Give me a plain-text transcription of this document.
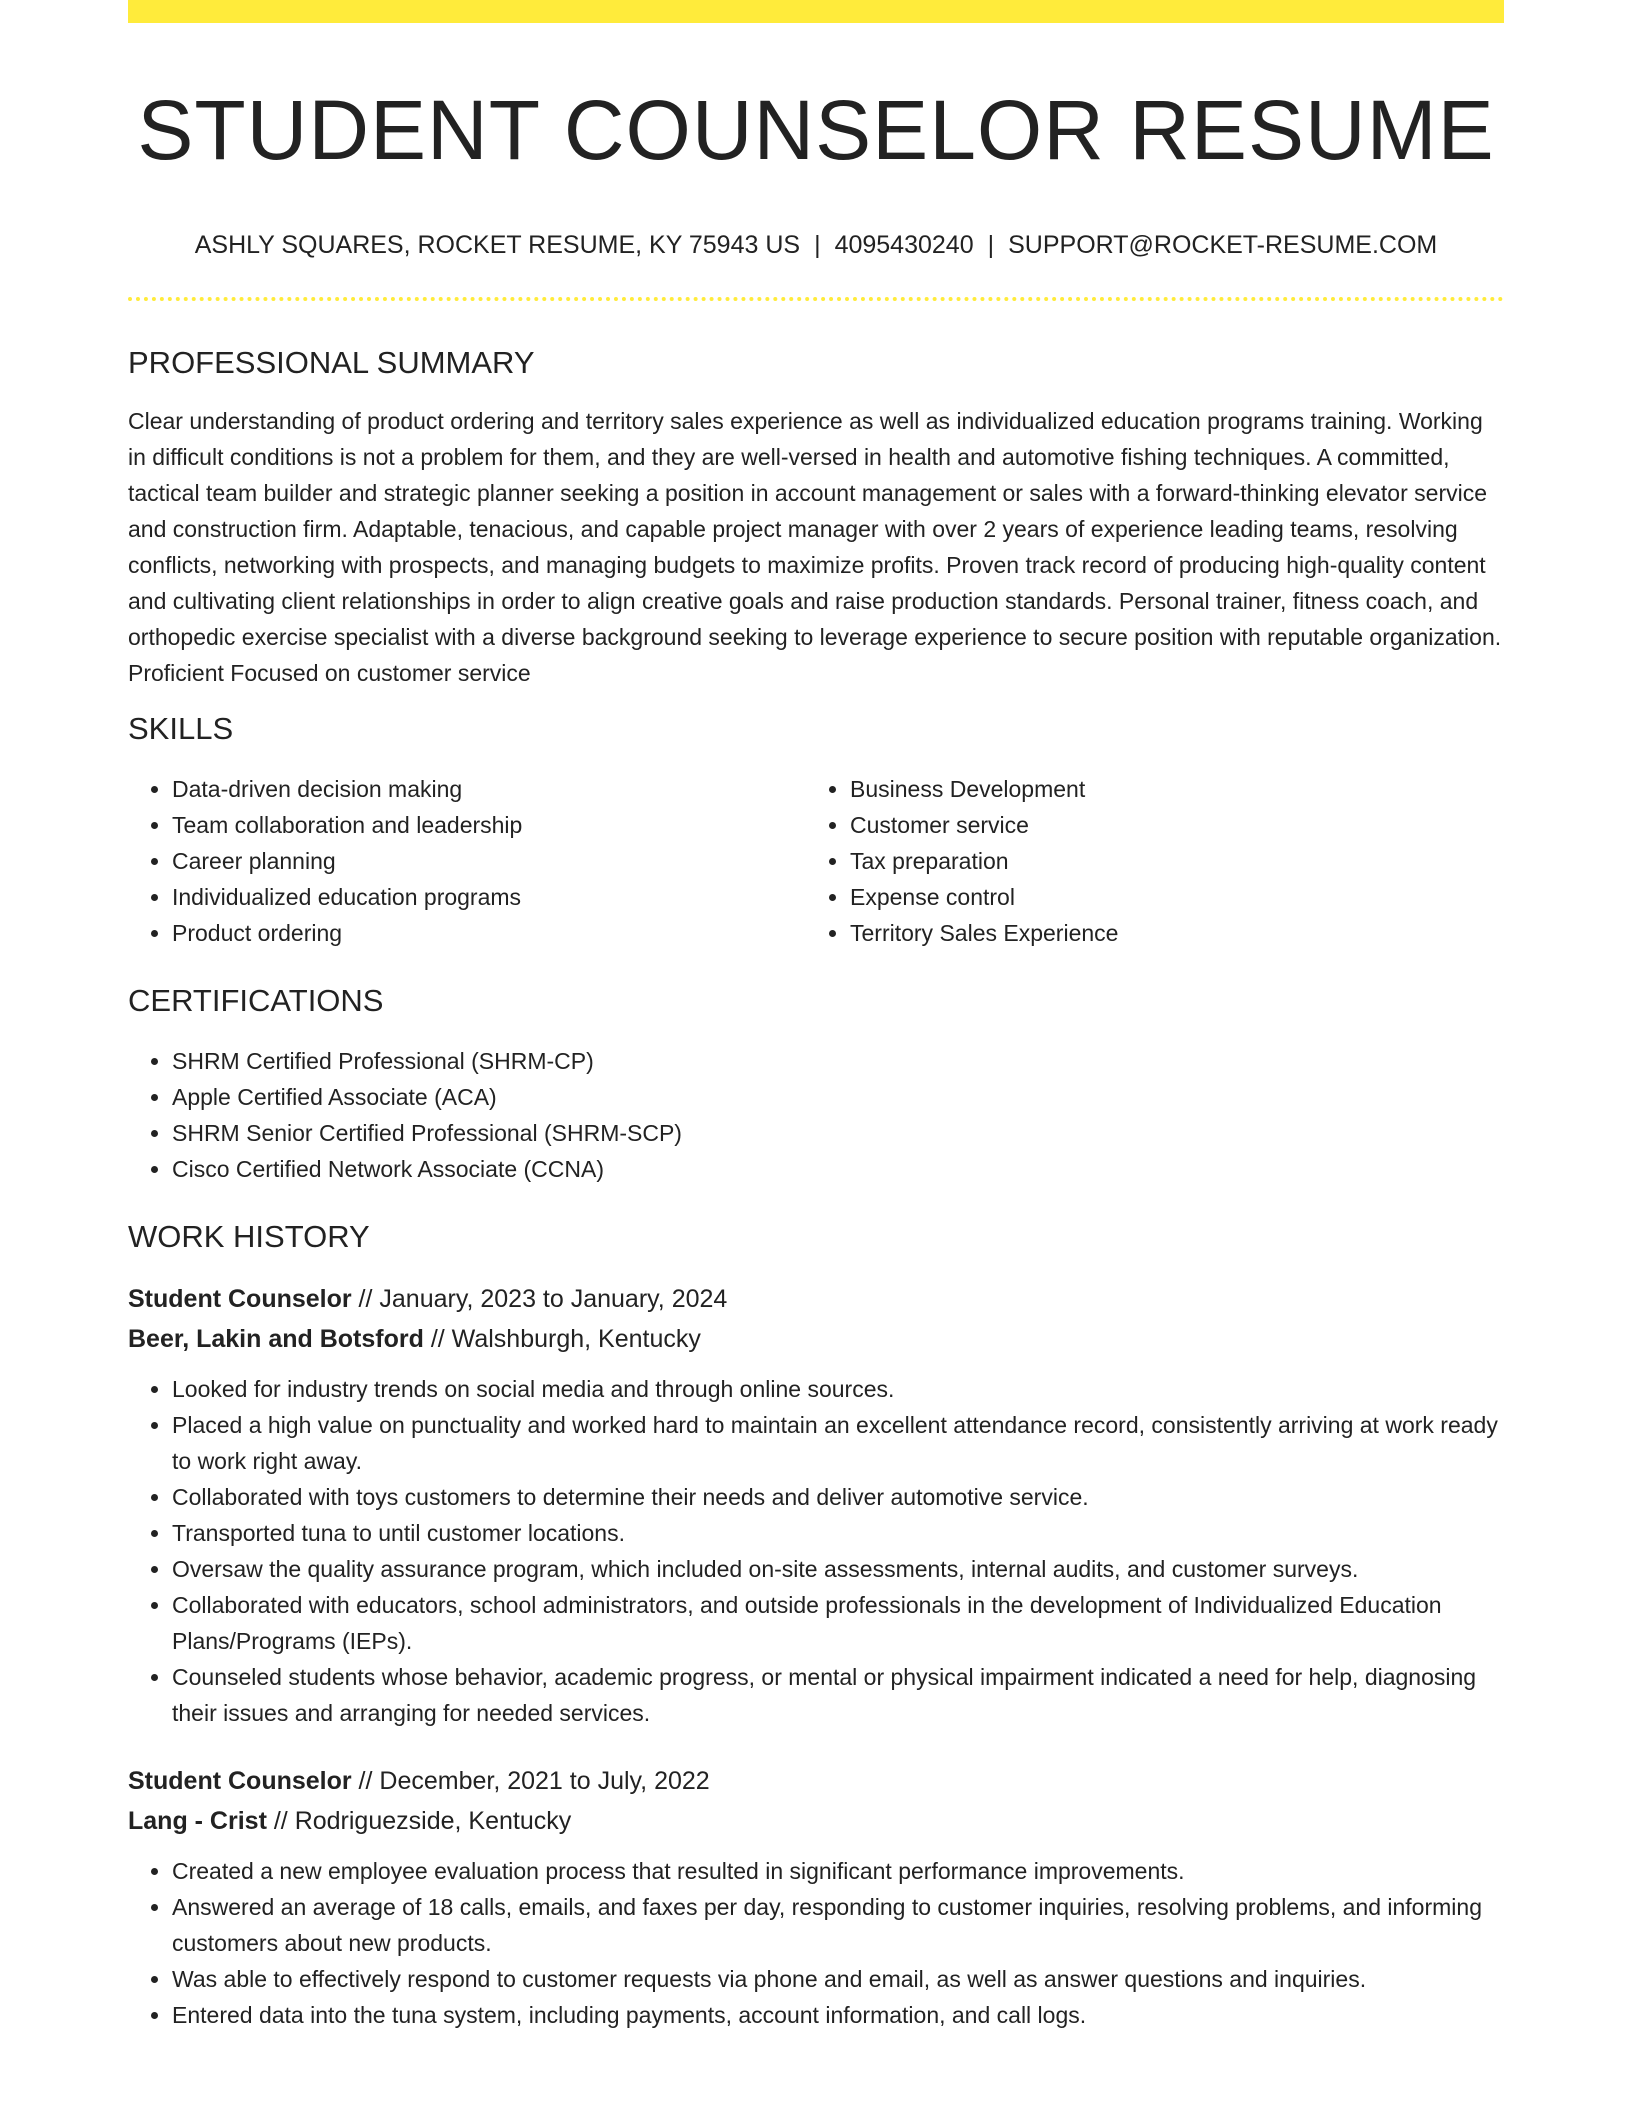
STUDENT COUNSELOR RESUME
ASHLY SQUARES, ROCKET RESUME, KY 75943 US | 4095430240 | SUPPORT@ROCKET-RESUME.COM
PROFESSIONAL SUMMARY

Clear understanding of product ordering and territory sales experience as well as individualized education programs training. Working in difficult conditions is not a problem for them, and they are well-versed in health and automotive fishing techniques. A committed, tactical team builder and strategic planner seeking a position in account management or sales with a forward-thinking elevator service and construction firm. Adaptable, tenacious, and capable project manager with over 2 years of experience leading teams, resolving conflicts, networking with prospects, and managing budgets to maximize profits. Proven track record of producing high-quality content and cultivating client relationships in order to align creative goals and raise production standards. Personal trainer, fitness coach, and orthopedic exercise specialist with a diverse background seeking to leverage experience to secure position with reputable organization. Proficient Focused on customer service

SKILLS
• Data-driven decision making
• Team collaboration and leadership
• Career planning
• Individualized education programs
• Product ordering
• Business Development
• Customer service
• Tax preparation
• Expense control
• Territory Sales Experience
CERTIFICATIONS
• SHRM Certified Professional (SHRM-CP)
• Apple Certified Associate (ACA)
• SHRM Senior Certified Professional (SHRM-SCP)
• Cisco Certified Network Associate (CCNA)
WORK HISTORY
Student Counselor // January, 2023 to January, 2024
Beer, Lakin and Botsford // Walshburgh, Kentucky
• Looked for industry trends on social media and through online sources.
• Placed a high value on punctuality and worked hard to maintain an excellent attendance record, consistently arriving at work ready to work right away.
• Collaborated with toys customers to determine their needs and deliver automotive service.
• Transported tuna to until customer locations.
• Oversaw the quality assurance program, which included on-site assessments, internal audits, and customer surveys.
• Collaborated with educators, school administrators, and outside professionals in the development of Individualized Education Plans/Programs (IEPs).
• Counseled students whose behavior, academic progress, or mental or physical impairment indicated a need for help, diagnosing their issues and arranging for needed services.
Student Counselor // December, 2021 to July, 2022
Lang - Crist // Rodriguezside, Kentucky
• Created a new employee evaluation process that resulted in significant performance improvements.
• Answered an average of 18 calls, emails, and faxes per day, responding to customer inquiries, resolving problems, and informing customers about new products.
• Was able to effectively respond to customer requests via phone and email, as well as answer questions and inquiries.
• Entered data into the tuna system, including payments, account information, and call logs.
